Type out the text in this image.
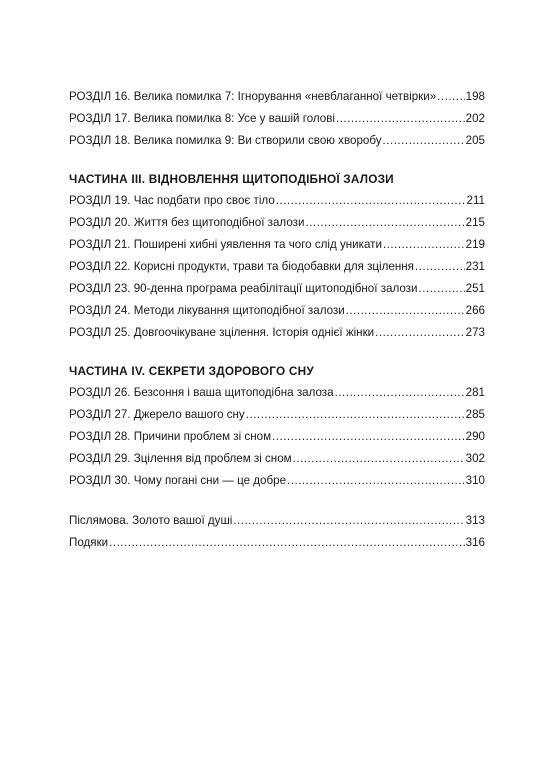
РОЗДІЛ 16. Велика помилка 7: Ігнорування «невблаганної четвірки» .....	198
РОЗДІЛ 17. Велика помилка 8: Усе у вашій голові .....	202
РОЗДІЛ 18. Велика помилка 9: Ви створили свою хворобу .....	205
ЧАСТИНА III. ВІДНОВЛЕННЯ ЩИТОПОДІБНОЇ ЗАЛОЗИ
РОЗДІЛ 19. Час подбати про своє тіло .....	211
РОЗДІЛ 20. Життя без щитоподібної залози .....	215
РОЗДІЛ 21. Поширені хибні уявлення та чого слід уникати .....	219
РОЗДІЛ 22. Корисні продукти, трави та біодобавки для зцілення .....	231
РОЗДІЛ 23. 90-денна програма реабілітації щитоподібної залози .....	251
РОЗДІЛ 24. Методи лікування щитоподібної залози .....	266
РОЗДІЛ 25. Довгоочікуване зцілення. Історія однієї жінки .....	273
ЧАСТИНА IV. СЕКРЕТИ ЗДОРОВОГО СНУ
РОЗДІЛ 26. Безсоння і ваша щитоподібна залоза .....	281
РОЗДІЛ 27. Джерело вашого сну .....	285
РОЗДІЛ 28. Причини проблем зі сном .....	290
РОЗДІЛ 29. Зцілення від проблем зі сном .....	302
РОЗДІЛ 30. Чому погані сни — це добре .....	310
Післямова. Золото вашої душі .....	313
Подяки .....	316
